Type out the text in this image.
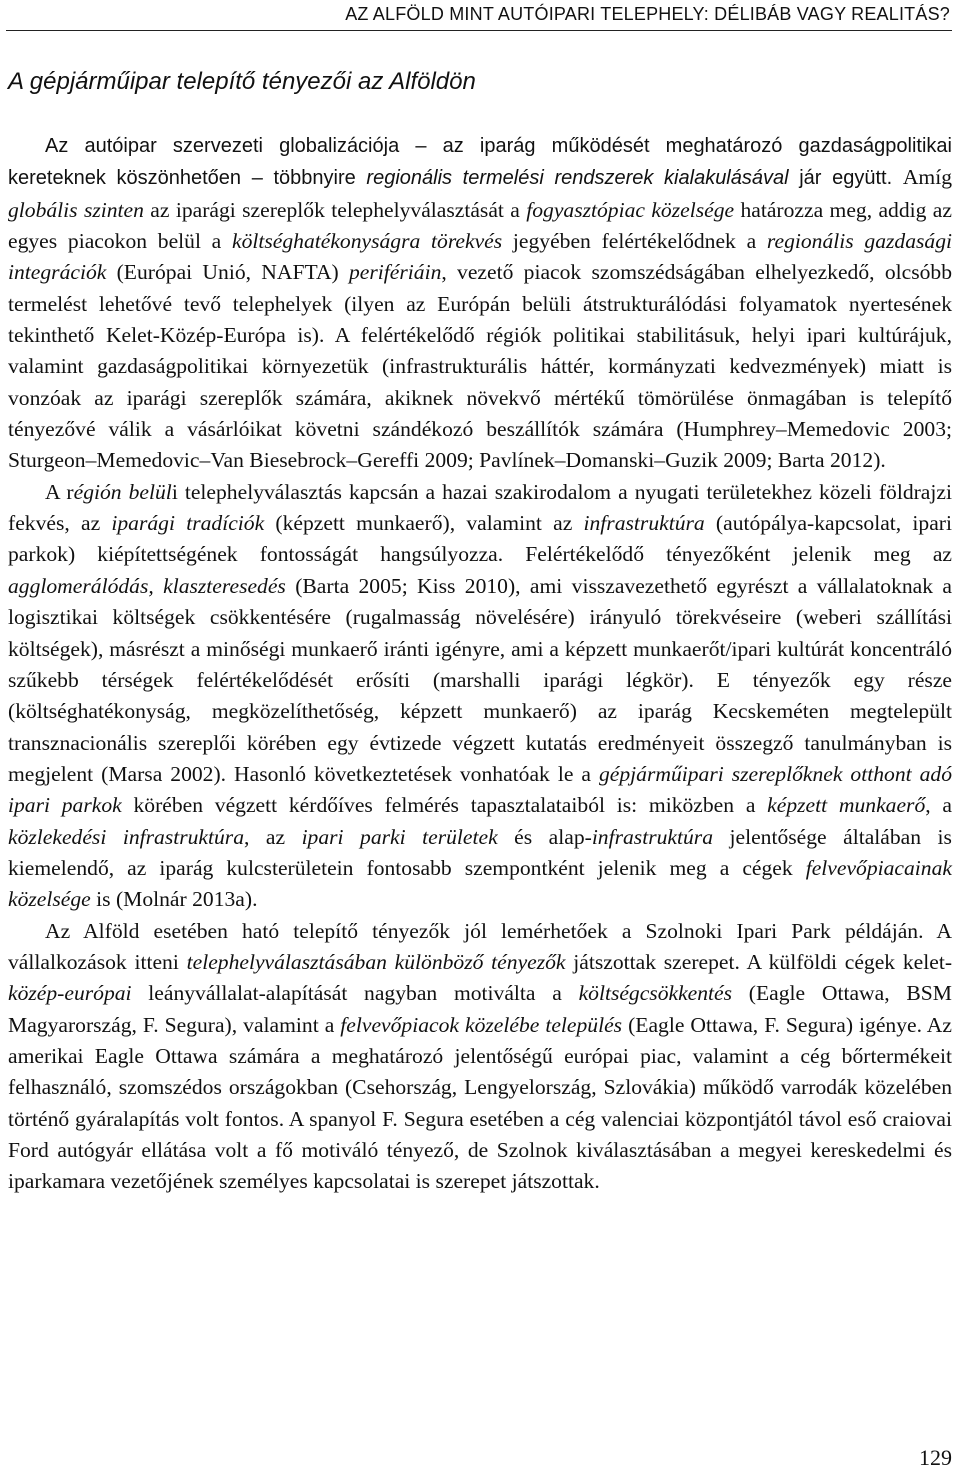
AZ ALFÖLD MINT AUTÓIPARI TELEPHELY: DÉLIBÁB VAGY REALITÁS?
A gépjárműipar telepítő tényezői az Alföldön

Az autóipar szervezeti globalizációja – az iparág működését meghatározó gazdaságpolitikai kereteknek köszönhetően – többnyire regionális termelési rendszerek kialakulásával jár együtt. Amíg globális szinten az iparági szereplők telephelyválasztását a fogyasztópiac közelsége határozza meg, addig az egyes piacokon belül a költséghatékonyságra törekvés jegyében felértékelődnek a regionális gazdasági integrációk (Európai Unió, NAFTA) perifériáin, vezető piacok szomszédságában elhelyezkedő, olcsóbb termelést lehetővé tevő telephelyek (ilyen az Európán belüli átstrukturálódási folyamatok nyertesének tekinthető Kelet-Közép-Európa is). A felértékelődő régiók politikai stabilitásuk, helyi ipari kultúrájuk, valamint gazdaságpolitikai környezetük (infrastrukturális háttér, kormányzati kedvezmények) miatt is vonzóak az iparági szereplők számára, akiknek növekvő mértékű tömörülése önmagában is telepítő tényezővé válik a vásárlóikat követni szándékozó beszállítók számára (Humphrey–Memedovic 2003; Sturgeon–Memedovic–Van Biesebrock–Gereffi 2009; Pavlínek–Domanski–Guzik 2009; Barta 2012).

A régión belüli telephelyválasztás kapcsán a hazai szakirodalom a nyugati területekhez közeli földrajzi fekvés, az iparági tradíciók (képzett munkaerő), valamint az infrastruktúra (autópálya-kapcsolat, ipari parkok) kiépítettségének fontosságát hangsúlyozza. Felértékelődő tényezőként jelenik meg az agglomerálódás, klaszteresedés (Barta 2005; Kiss 2010), ami visszavezethető egyrészt a vállalatoknak a logisztikai költségek csökkentésére (rugalmasság növelésére) irányuló törekvéseire (weberi szállítási költségek), másrészt a minőségi munkaerő iránti igényre, ami a képzett munkaerőt/ipari kultúrát koncentráló szűkebb térségek felértékelődését erősíti (marshalli iparági légkör). E tényezők egy része (költséghatékonyság, megközelíthetőség, képzett munkaerő) az iparág Kecskeméten megtelepült transznacionális szereplői körében egy évtizede végzett kutatás eredményeit összegző tanulmányban is megjelent (Marsa 2002). Hasonló következtetések vonhatóak le a gépjárműipari szereplőknek otthont adó ipari parkok körében végzett kérdőíves felmérés tapasztalataiból is: miközben a képzett munkaerő, a közlekedési infrastruktúra, az ipari parki területek és alap-infrastruktúra jelentősége általában is kiemelendő, az iparág kulcsterületein fontosabb szempontként jelenik meg a cégek felvevőpiacainak közelsége is (Molnár 2013a).

Az Alföld esetében ható telepítő tényezők jól lemérhetőek a Szolnoki Ipari Park példáján. A vállalkozások itteni telephelyválasztásában különböző tényezők játszottak szerepet. A külföldi cégek kelet-közép-európai leányvállalat-alapítását nagyban motiválta a költségcsökkentés (Eagle Ottawa, BSM Magyarország, F. Segura), valamint a felvevőpiacok közelébe település (Eagle Ottawa, F. Segura) igénye. Az amerikai Eagle Ottawa számára a meghatározó jelentőségű európai piac, valamint a cég bőrtermékeit felhasználó, szomszédos országokban (Csehország, Lengyelország, Szlovákia) működő varrodák közelében történő gyáralapítás volt fontos. A spanyol F. Segura esetében a cég valenciai központjától távol eső craiovai Ford autógyár ellátása volt a fő motiváló tényező, de Szolnok kiválasztásában a megyei kereskedelmi és iparkamara vezetőjének személyes kapcsolatai is szerepet játszottak.

129
